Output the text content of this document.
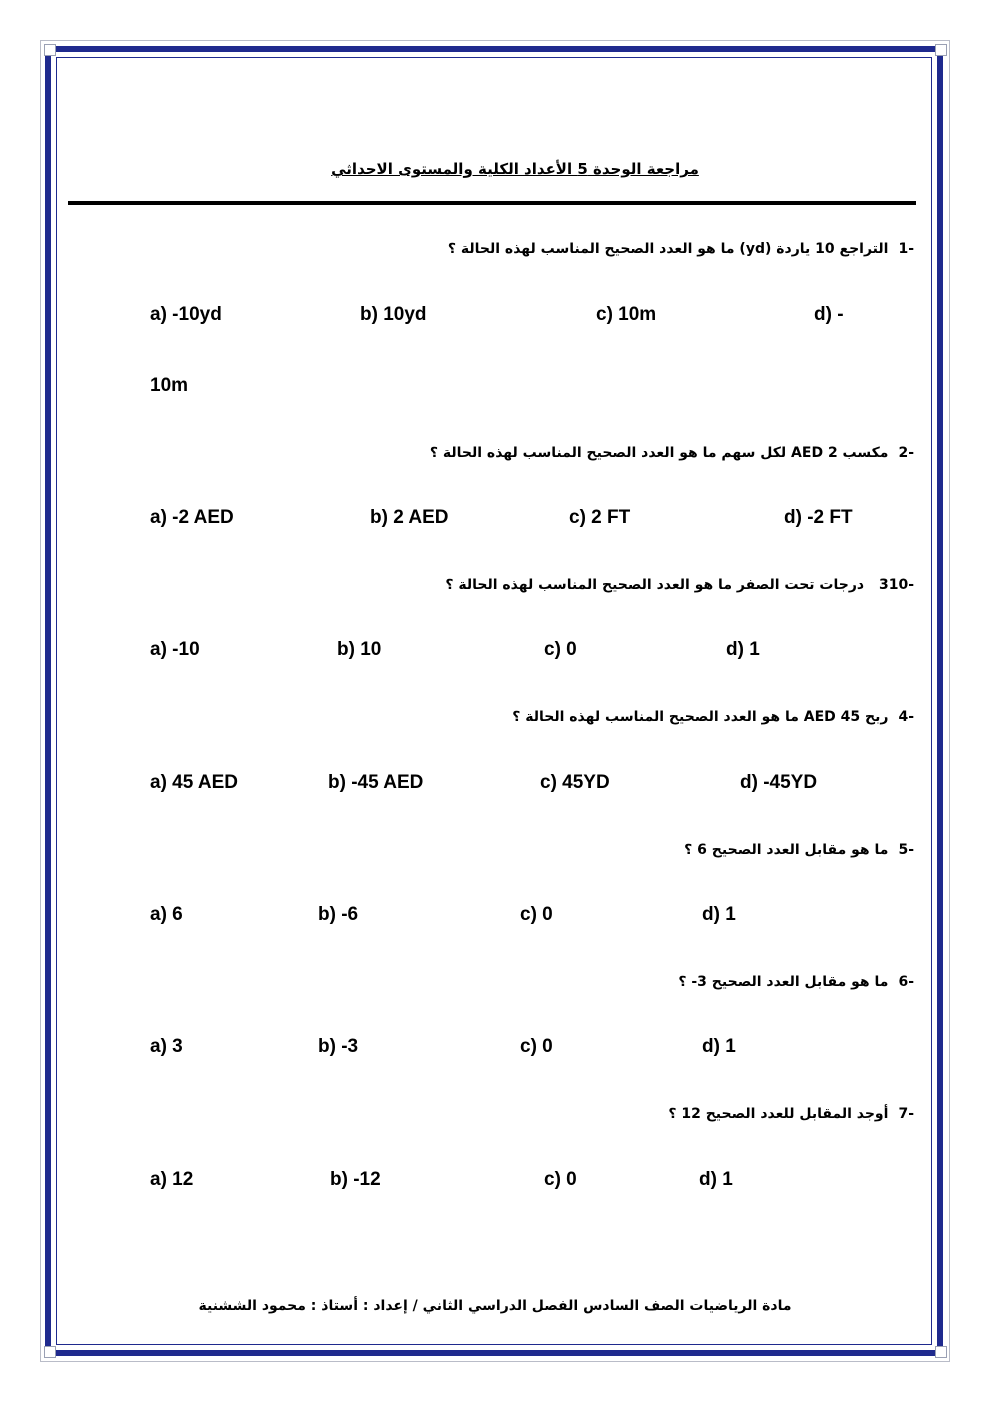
مراجعة الوحدة 5 الأعداد الكلية والمستوى الاحداثي
-1التراجع 10 ياردة (yd) ما هو العدد الصحيح المناسب لهذه الحالة ؟
a) -10yd	b) 10yd	c) 10m	d) -
10m
-2مكسب AED 2 لكل سهم ما هو العدد الصحيح المناسب لهذه الحالة ؟
a) -2 AED	b) 2 AED	c) 2 FT	d) -2 FT
-310 درجات تحت الصفر ما هو العدد الصحيح المناسب لهذه الحالة ؟
a) -10	b) 10	c) 0	d) 1
-4ربح AED 45 ما هو العدد الصحيح المناسب لهذه الحالة ؟
a) 45 AED	b) -45 AED	c) 45YD	d) -45YD
-5ما هو مقابل العدد الصحيح 6 ؟
a) 6	b) -6	c) 0	d) 1
-6ما هو مقابل العدد الصحيح 3- ؟
a) 3	b) -3	c) 0	d) 1
-7أوجد المقابل للعدد الصحيح 12 ؟
a) 12	b) -12	c) 0	d) 1
مادة الرياضيات الصف السادس الفصل الدراسي الثاني / إعداد : أستاذ : محمود الششنية
